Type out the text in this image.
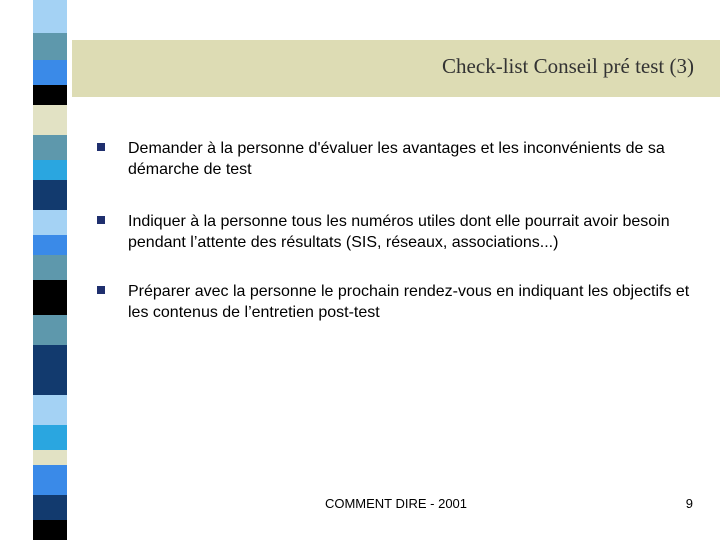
Check-list Conseil pré test (3)
Demander à la personne d'évaluer les avantages et les inconvénients de sa démarche de test
Indiquer à la personne tous les numéros utiles dont elle pourrait avoir besoin pendant l’attente des résultats (SIS, réseaux, associations...)
Préparer avec la personne le prochain rendez-vous en indiquant les objectifs et les contenus de l’entretien post-test
COMMENT DIRE - 2001	9
